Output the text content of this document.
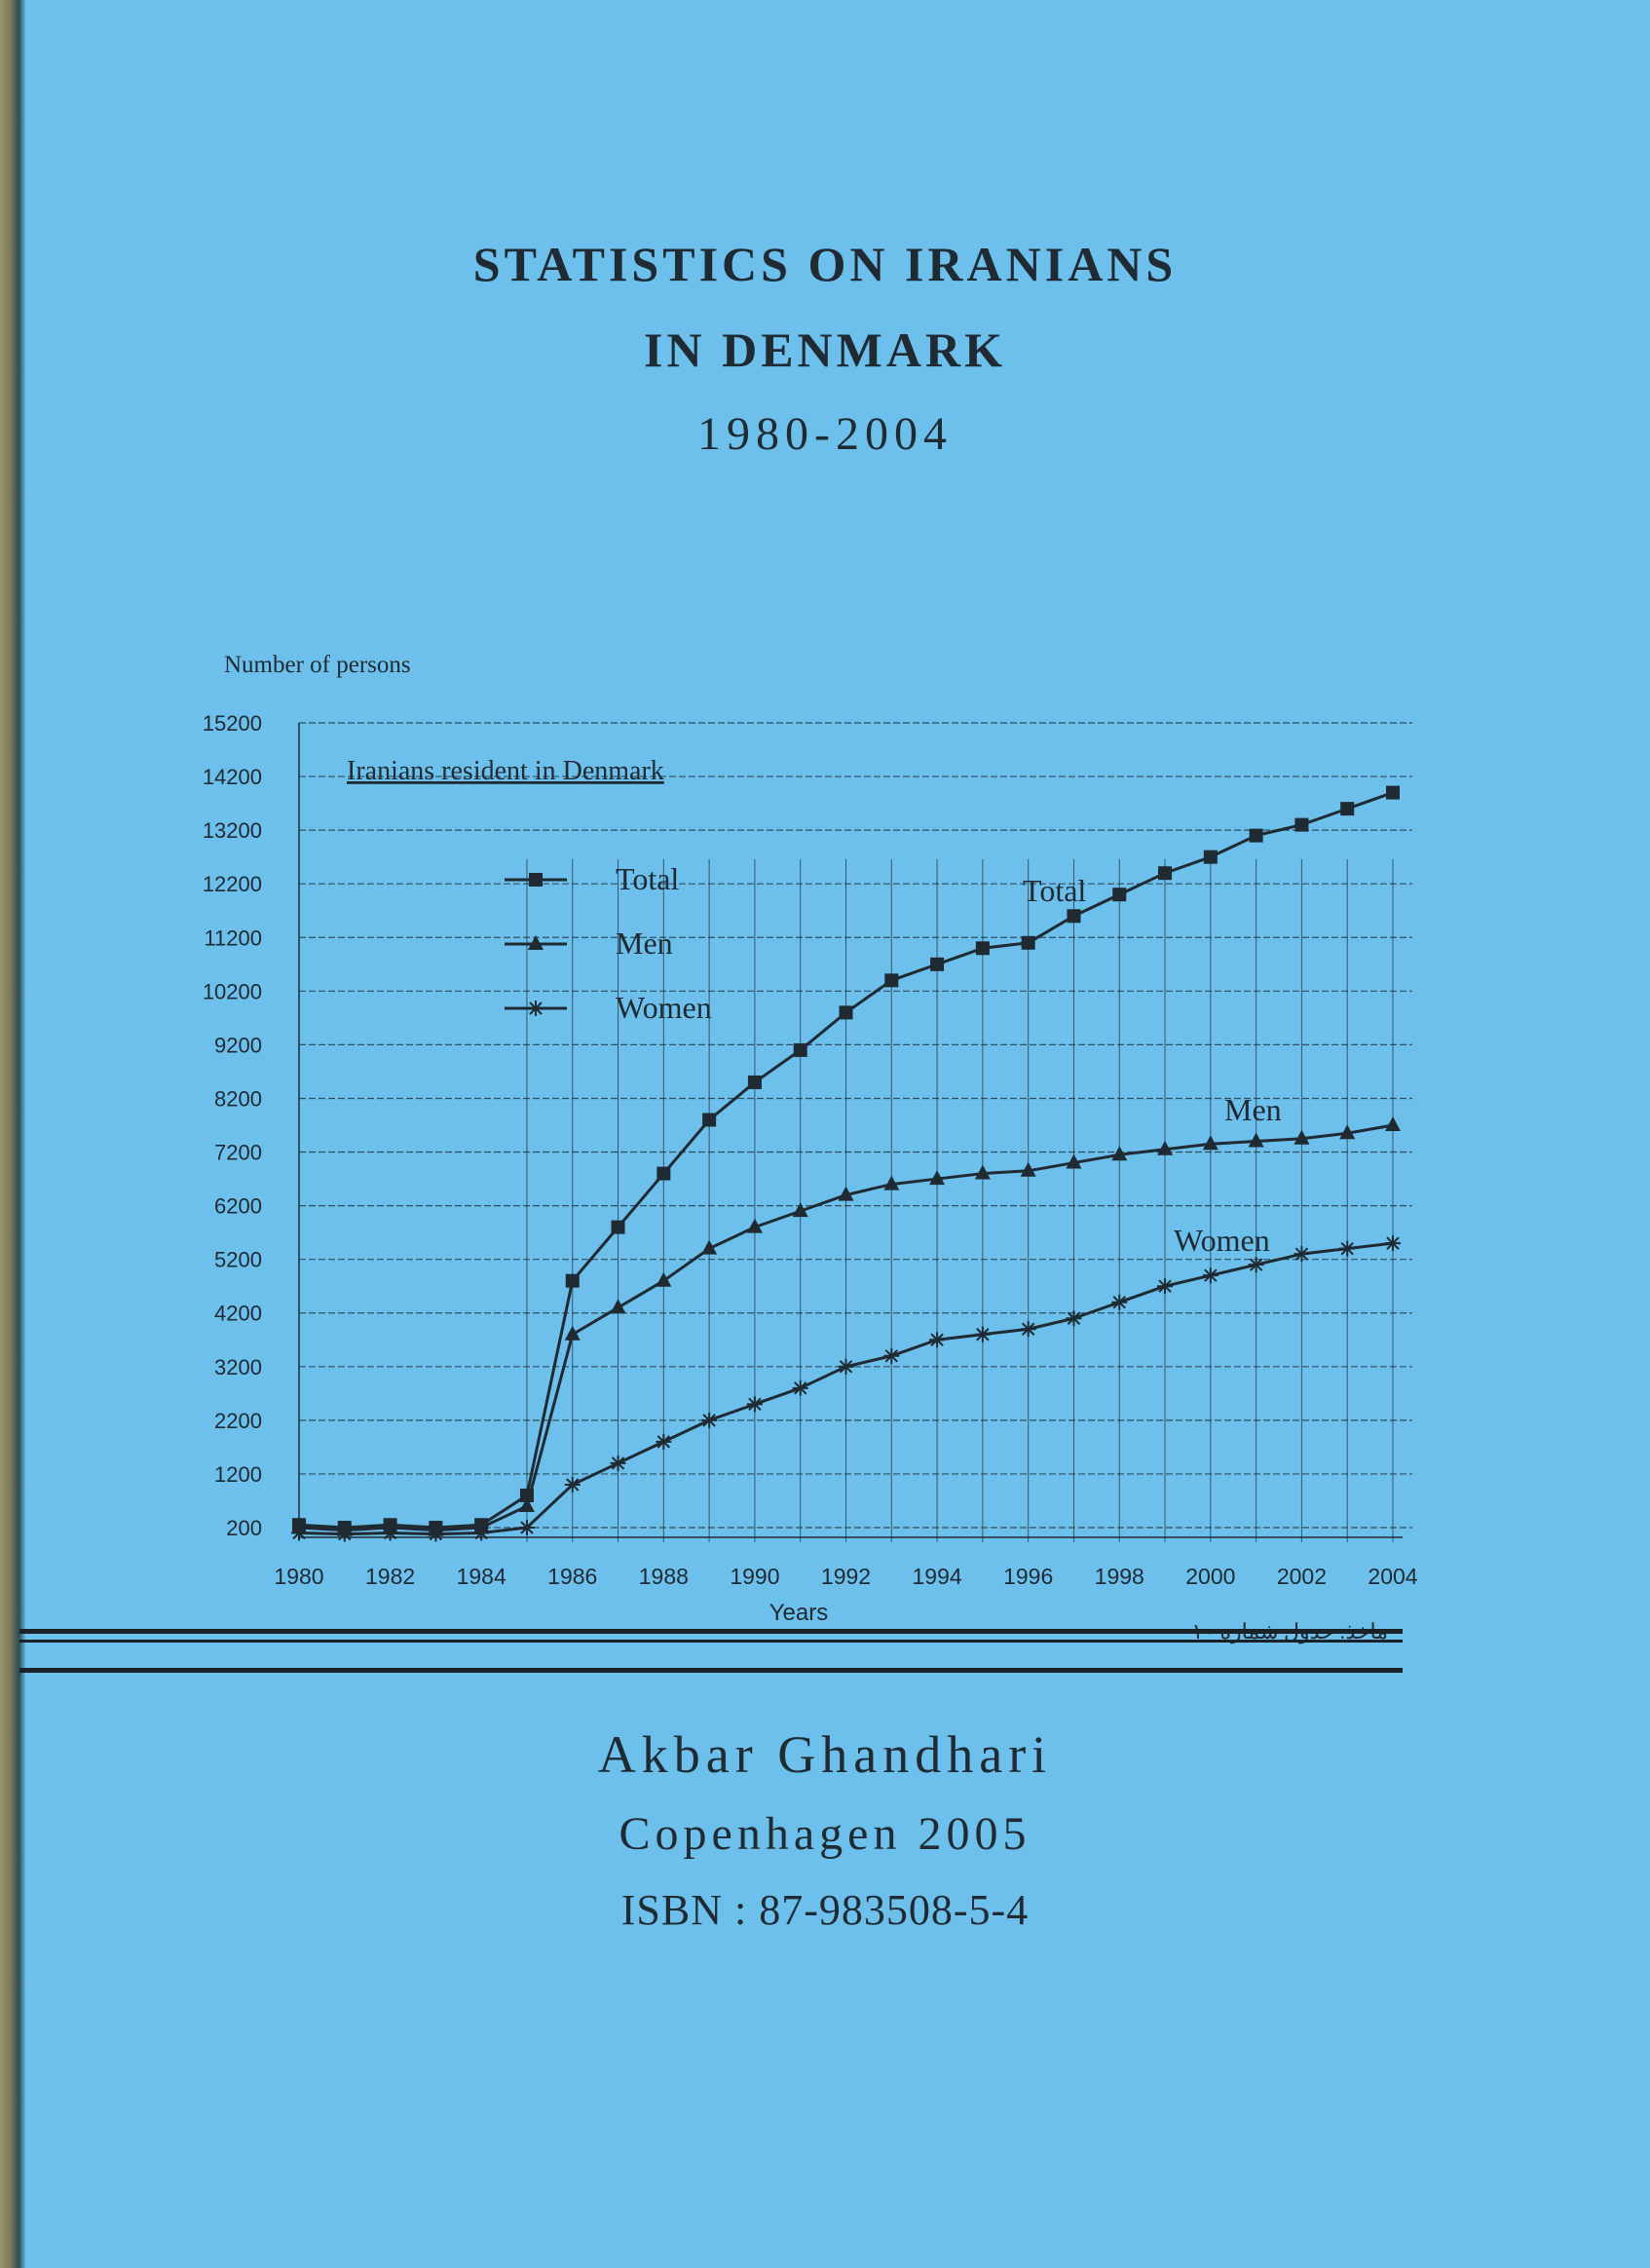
STATISTICS ON IRANIANS
IN DENMARK
1980-2004
15200
14200
13200
12200
11200
10200
9200
8200
7200
6200
5200
4200
3200
2200
1200
200
1980 1982 1984 1986 1988 1990 1992 1994 1996 1998 2000 2002 2004
Number of persons
Years
Iranians resident in Denmark
Total
Men
Women
Total
Men
Women
Akbar Ghandhari
Copenhagen 2005
ISBN : 87-983508-5-4
